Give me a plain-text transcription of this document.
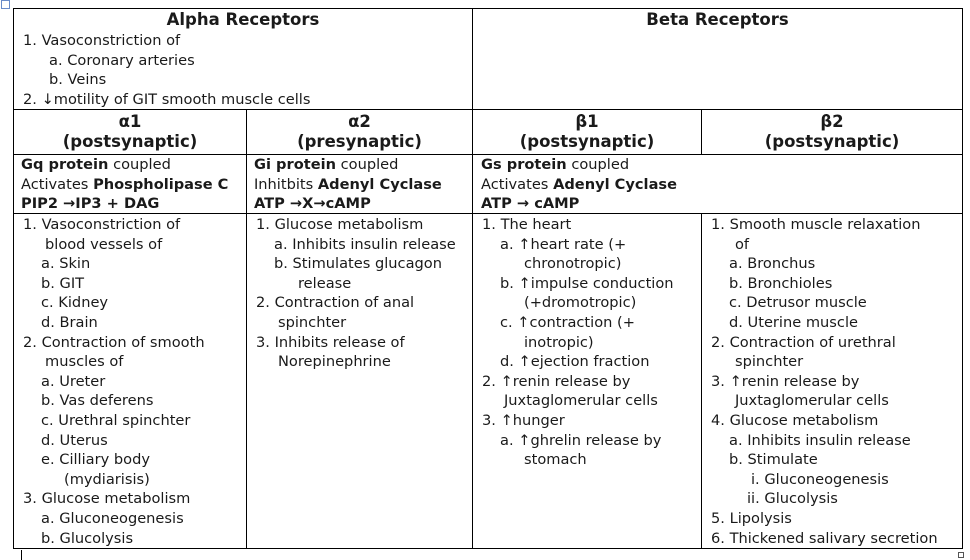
Alpha Receptors
1. Vasoconstriction of
a. Coronary arteries
b. Veins
2. ↓motility of GIT smooth muscle cells
Beta Receptors
α1
(postsynaptic)
α2
(presynaptic)
β1
(postsynaptic)
β2
(postsynaptic)
Gq protein coupled
Activates Phospholipase C
PIP2 →IP3 + DAG
Gi protein coupled
Inhitbits Adenyl Cyclase
ATP →X→cAMP
Gs protein coupled
Activates Adenyl Cyclase
ATP → cAMP
1. Vasoconstriction of
blood vessels of
a. Skin
b. GIT
c. Kidney
d. Brain
2. Contraction of smooth
muscles of
a. Ureter
b. Vas deferens
c. Urethral spinchter
d. Uterus
e. Cilliary body
(mydiarisis)
3. Glucose metabolism
a. Gluconeogenesis
b. Glucolysis
1. Glucose metabolism
a. Inhibits insulin release
b. Stimulates glucagon
release
2. Contraction of anal
spinchter
3. Inhibits release of
Norepinephrine
1. The heart
a. ↑heart rate (+
chronotropic)
b. ↑impulse conduction
(+dromotropic)
c. ↑contraction (+
inotropic)
d. ↑ejection fraction
2. ↑renin release by
Juxtaglomerular cells
3. ↑hunger
a. ↑ghrelin release by
stomach
1. Smooth muscle relaxation
of
a. Bronchus
b. Bronchioles
c. Detrusor muscle
d. Uterine muscle
2. Contraction of urethral
spinchter
3. ↑renin release by
Juxtaglomerular cells
4. Glucose metabolism
a. Inhibits insulin release
b. Stimulate
i. Gluconeogenesis
ii. Glucolysis
5. Lipolysis
6. Thickened salivary secretion
